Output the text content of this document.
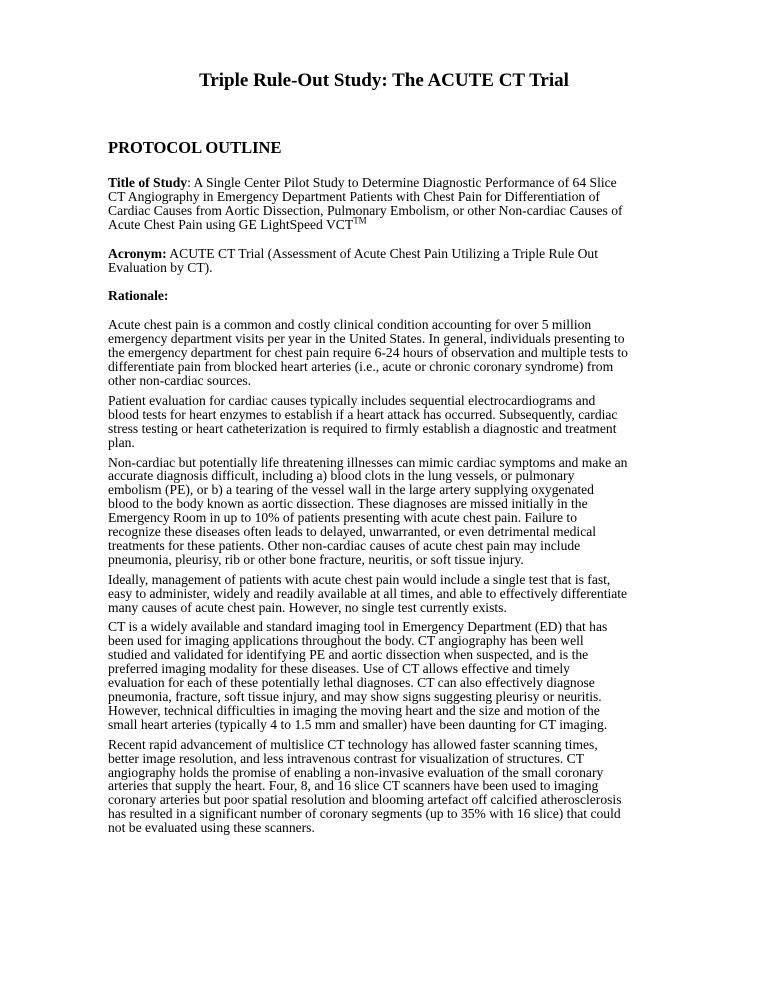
Triple Rule-Out Study: The ACUTE CT Trial
PROTOCOL OUTLINE
Title of Study: A Single Center Pilot Study to Determine Diagnostic Performance of 64 Slice
CT Angiography in Emergency Department Patients with Chest Pain for Differentiation of
Cardiac Causes from Aortic Dissection, Pulmonary Embolism, or other Non-cardiac Causes of
Acute Chest Pain using GE LightSpeed VCT™
Acronym: ACUTE CT Trial (Assessment of Acute Chest Pain Utilizing a Triple Rule Out
Evaluation by CT).
Rationale:
Acute chest pain is a common and costly clinical condition accounting for over 5 million
emergency department visits per year in the United States. In general, individuals presenting to
the emergency department for chest pain require 6-24 hours of observation and multiple tests to
differentiate pain from blocked heart arteries (i.e., acute or chronic coronary syndrome) from
other non-cardiac sources.
Patient evaluation for cardiac causes typically includes sequential electrocardiograms and
blood tests for heart enzymes to establish if a heart attack has occurred. Subsequently, cardiac
stress testing or heart catheterization is required to firmly establish a diagnostic and treatment
plan.
Non-cardiac but potentially life threatening illnesses can mimic cardiac symptoms and make an
accurate diagnosis difficult, including a) blood clots in the lung vessels, or pulmonary
embolism (PE), or b) a tearing of the vessel wall in the large artery supplying oxygenated
blood to the body known as aortic dissection. These diagnoses are missed initially in the
Emergency Room in up to 10% of patients presenting with acute chest pain. Failure to
recognize these diseases often leads to delayed, unwarranted, or even detrimental medical
treatments for these patients. Other non-cardiac causes of acute chest pain may include
pneumonia, pleurisy, rib or other bone fracture, neuritis, or soft tissue injury.
Ideally, management of patients with acute chest pain would include a single test that is fast,
easy to administer, widely and readily available at all times, and able to effectively differentiate
many causes of acute chest pain. However, no single test currently exists.
CT is a widely available and standard imaging tool in Emergency Department (ED) that has
been used for imaging applications throughout the body. CT angiography has been well
studied and validated for identifying PE and aortic dissection when suspected, and is the
preferred imaging modality for these diseases. Use of CT allows effective and timely
evaluation for each of these potentially lethal diagnoses. CT can also effectively diagnose
pneumonia, fracture, soft tissue injury, and may show signs suggesting pleurisy or neuritis.
However, technical difficulties in imaging the moving heart and the size and motion of the
small heart arteries (typically 4 to 1.5 mm and smaller) have been daunting for CT imaging.
Recent rapid advancement of multislice CT technology has allowed faster scanning times,
better image resolution, and less intravenous contrast for visualization of structures. CT
angiography holds the promise of enabling a non-invasive evaluation of the small coronary
arteries that supply the heart. Four, 8, and 16 slice CT scanners have been used to imaging
coronary arteries but poor spatial resolution and blooming artefact off calcified atherosclerosis
has resulted in a significant number of coronary segments (up to 35% with 16 slice) that could
not be evaluated using these scanners.
